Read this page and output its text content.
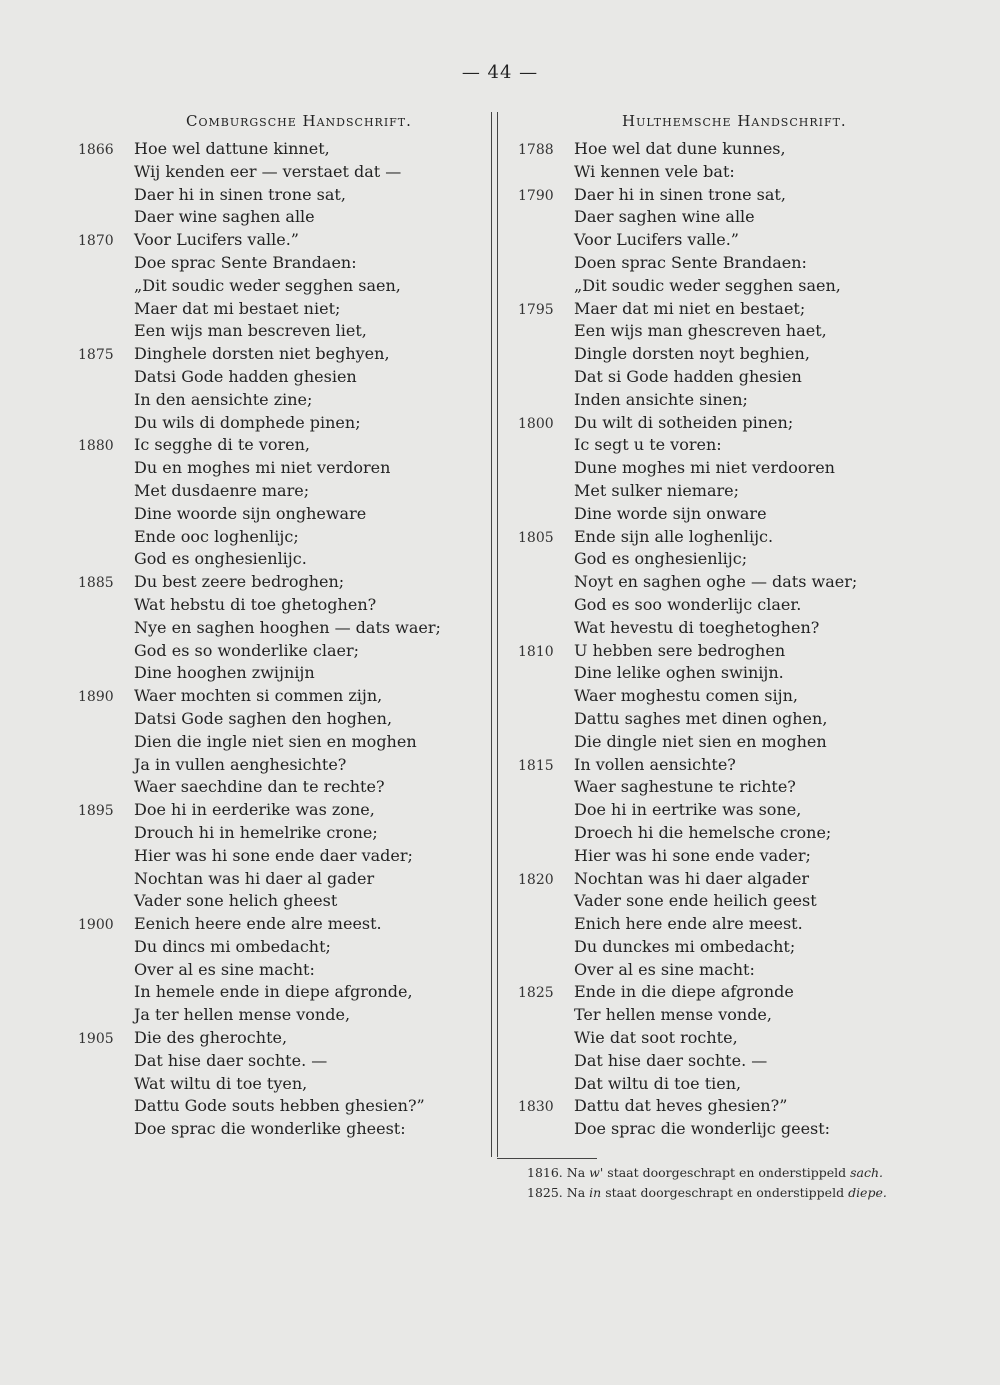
— 44 —
Comburgsche Handschrift.	Hulthemsche Handschrift.
1866 Hoe wel dattune kinnet,
Wij kenden eer — verstaet dat —
Daer hi in sinen trone sat,
Daer wine saghen alle
1870 Voor Lucifers valle.”
Doe sprac Sente Brandaen:
„Dit soudic weder segghen saen,
Maer dat mi bestaet niet;
Een wijs man bescreven liet,
1875 Dinghele dorsten niet beghyen,
Datsi Gode hadden ghesien
In den aensichte zine;
Du wils di domphede pinen;
1880 Ic segghe di te voren,
Du en moghes mi niet verdoren
Met dusdaenre mare;
Dine woorde sijn ongheware
Ende ooc loghenlijc;
God es onghesienlijc.
1885 Du best zeere bedroghen;
Wat hebstu di toe ghetoghen?
Nye en saghen hooghen — dats waer;
God es so wonderlike claer;
Dine hooghen zwijnijn
1890 Waer mochten si commen zijn,
Datsi Gode saghen den hoghen,
Dien die ingle niet sien en moghen
Ja in vullen aenghesichte?
Waer saechdine dan te rechte?
1895 Doe hi in eerderike was zone,
Drouch hi in hemelrike crone;
Hier was hi sone ende daer vader;
Nochtan was hi daer al gader
Vader sone helich gheest
1900 Eenich heere ende alre meest.
Du dincs mi ombedacht;
Over al es sine macht:
In hemele ende in diepe afgronde,
Ja ter hellen mense vonde,
1905 Die des gherochte,
Dat hise daer sochte. —
Wat wiltu di toe tyen,
Dattu Gode souts hebben ghesien?”
Doe sprac die wonderlike gheest:
1788 Hoe wel dat dune kunnes,
Wi kennen vele bat:
1790 Daer hi in sinen trone sat,
Daer saghen wine alle
Voor Lucifers valle.”
Doen sprac Sente Brandaen:
„Dit soudic weder segghen saen,
1795 Maer dat mi niet en bestaet;
Een wijs man ghescreven haet,
Dingle dorsten noyt beghien,
Dat si Gode hadden ghesien
Inden ansichte sinen;
1800 Du wilt di sotheiden pinen;
Ic segt u te voren:
Dune moghes mi niet verdooren
Met sulker niemare;
Dine worde sijn onware
1805 Ende sijn alle loghenlijc.
God es onghesienlijc;
Noyt en saghen oghe — dats waer;
God es soo wonderlijc claer.
Wat hevestu di toeghetoghen?
1810 U hebben sere bedroghen
Dine lelike oghen swinijn.
Waer moghestu comen sijn,
Dattu saghes met dinen oghen,
Die dingle niet sien en moghen
1815 In vollen aensichte?
Waer saghestune te richte?
Doe hi in eertrike was sone,
Droech hi die hemelsche crone;
Hier was hi sone ende vader;
1820 Nochtan was hi daer algader
Vader sone ende heilich geest
Enich here ende alre meest.
Du dunckes mi ombedacht;
Over al es sine macht:
1825 Ende in die diepe afgronde
Ter hellen mense vonde,
Wie dat soot rochte,
Dat hise daer sochte. —
Dat wiltu di toe tien,
1830 Dattu dat heves ghesien?”
Doe sprac die wonderlijc geest:
1816. Na w' staat doorgeschrapt en onderstippeld sach.
1825. Na in staat doorgeschrapt en onderstippeld diepe.
